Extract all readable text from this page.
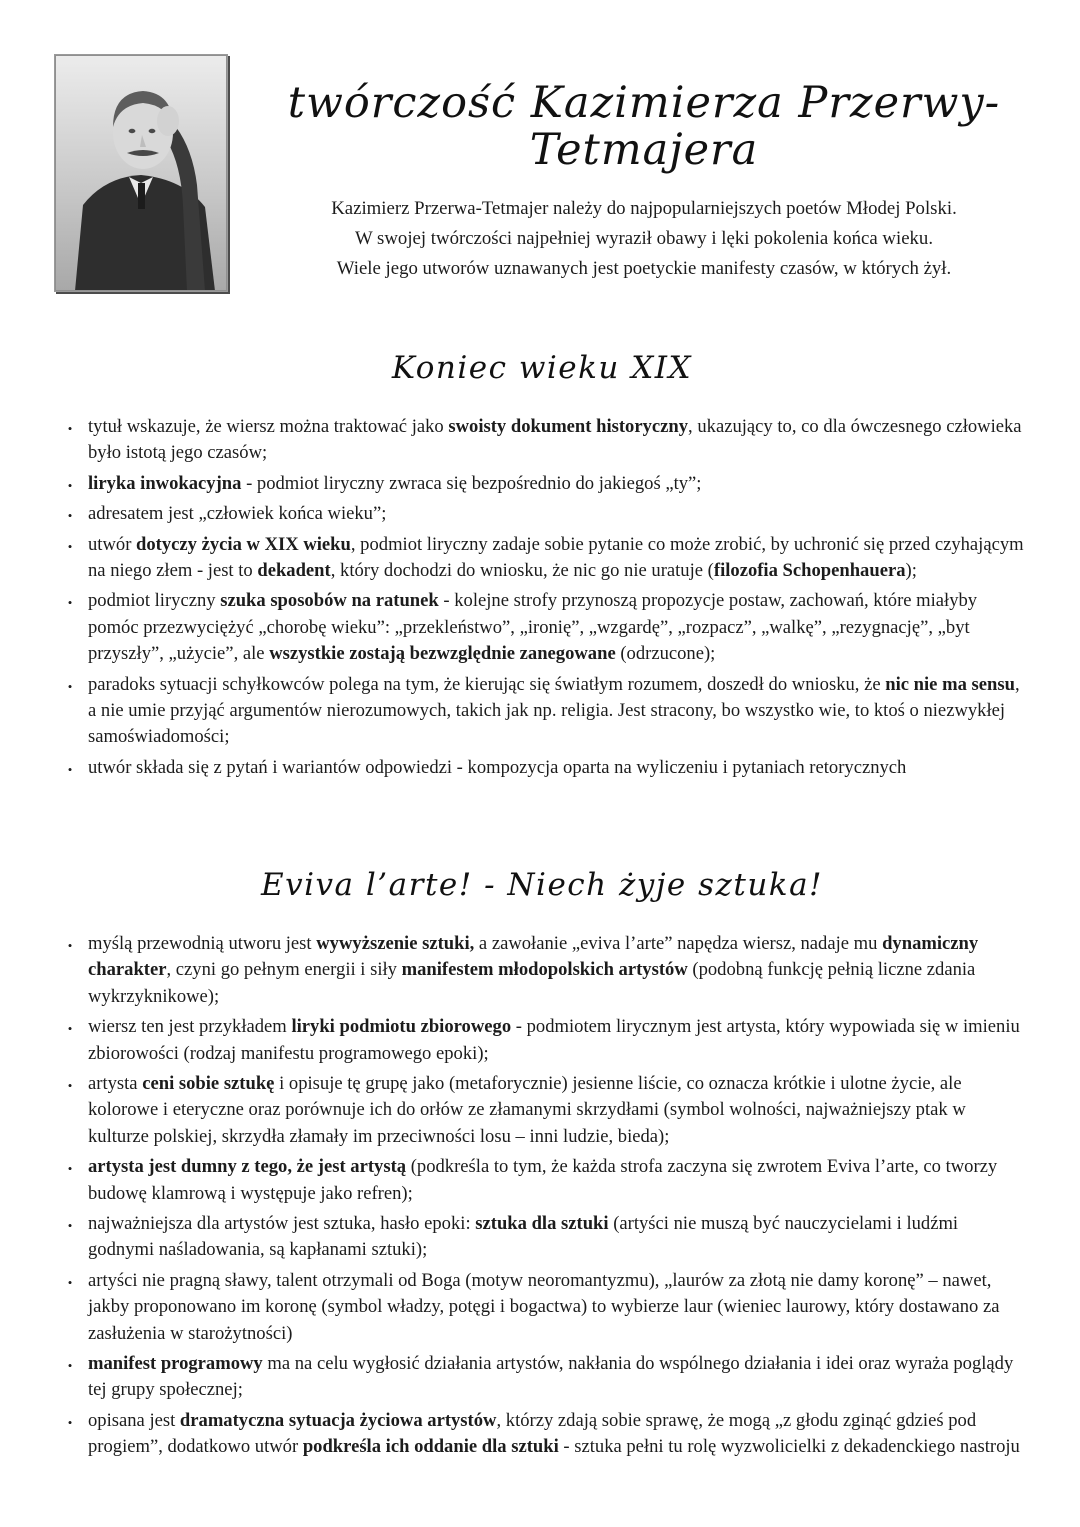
twórczość Kazimierza Przerwy-Tetmajera

Kazimierz Przerwa-Tetmajer należy do najpopularniejszych poetów Młodej Polski.

W swojej twórczości najpełniej wyraził obawy i lęki pokolenia końca wieku.

Wiele jego utworów uznawanych jest poetyckie manifesty czasów, w których żył.

Koniec wieku XIX
• tytuł wskazuje, że wiersz można traktować jako swoisty dokument historyczny, ukazujący to, co dla ówczesnego człowieka było istotą jego czasów;
• liryka inwokacyjna - podmiot liryczny zwraca się bezpośrednio do jakiegoś „ty”;
• adresatem jest „człowiek końca wieku”;
• utwór dotyczy życia w XIX wieku, podmiot liryczny zadaje sobie pytanie co może zrobić, by uchronić się przed czyhającym na niego złem - jest to dekadent, który dochodzi do wniosku, że nic go nie uratuje (filozofia Schopenhauera);
• podmiot liryczny szuka sposobów na ratunek - kolejne strofy przynoszą propozycje postaw, zachowań, które miałyby pomóc przezwyciężyć „chorobę wieku”: „przekleństwo”, „ironię”, „wzgardę”, „rozpacz”, „walkę”, „rezygnację”, „byt przyszły”, „użycie”, ale wszystkie zostają bezwzględnie zanegowane (odrzucone);
• paradoks sytuacji schyłkowców polega na tym, że kierując się światłym rozumem, doszedł do wniosku, że nic nie ma sensu, a nie umie przyjąć argumentów nierozumowych, takich jak np. religia. Jest stracony, bo wszystko wie, to ktoś o niezwykłej samoświadomości;
• utwór składa się z pytań i wariantów odpowiedzi - kompozycja oparta na wyliczeniu i pytaniach retorycznych
Eviva l’arte! - Niech żyje sztuka!
• myślą przewodnią utworu jest wywyższenie sztuki, a zawołanie „eviva l’arte” napędza wiersz, nadaje mu dynamiczny charakter, czyni go pełnym energii i siły manifestem młodopolskich artystów (podobną funkcję pełnią liczne zdania wykrzyknikowe);
• wiersz ten jest przykładem liryki podmiotu zbiorowego - podmiotem lirycznym jest artysta, który wypowiada się w imieniu zbiorowości (rodzaj manifestu programowego epoki);
• artysta ceni sobie sztukę i opisuje tę grupę jako (metaforycznie) jesienne liście, co oznacza krótkie i ulotne życie, ale kolorowe i eteryczne oraz porównuje ich do orłów ze złamanymi skrzydłami (symbol wolności, najważniejszy ptak w kulturze polskiej, skrzydła złamały im przeciwności losu – inni ludzie, bieda);
• artysta jest dumny z tego, że jest artystą (podkreśla to tym, że każda strofa zaczyna się zwrotem Eviva l’arte, co tworzy budowę klamrową i występuje jako refren);
• najważniejsza dla artystów jest sztuka, hasło epoki: sztuka dla sztuki (artyści nie muszą być nauczycielami i ludźmi godnymi naśladowania, są kapłanami sztuki);
• artyści nie pragną sławy, talent otrzymali od Boga (motyw neoromantyzmu), „laurów za złotą nie damy koronę” – nawet, jakby proponowano im koronę (symbol władzy, potęgi i bogactwa) to wybierze laur (wieniec laurowy, który dostawano za zasłużenia w starożytności)
• manifest programowy ma na celu wygłosić działania artystów, nakłania do wspólnego działania i idei oraz wyraża poglądy tej grupy społecznej;
• opisana jest dramatyczna sytuacja życiowa artystów, którzy zdają sobie sprawę, że mogą „z głodu zginąć gdzieś pod progiem”, dodatkowo utwór podkreśla ich oddanie dla sztuki - sztuka pełni tu rolę wyzwolicielki z dekadenckiego nastroju
